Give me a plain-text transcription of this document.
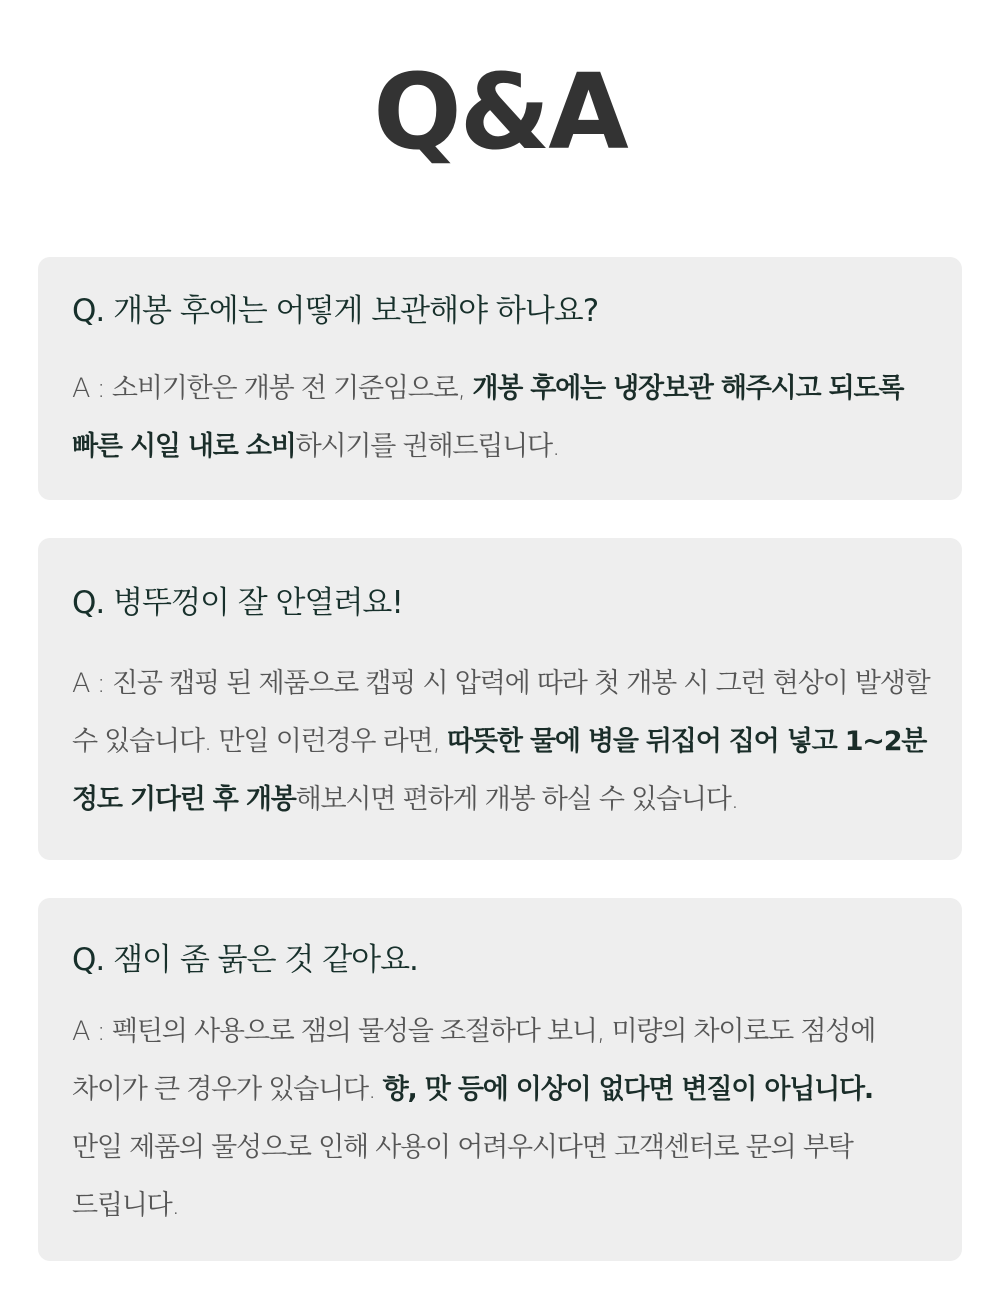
Q&A
Q. 개봉 후에는 어떻게 보관해야 하나요?
A : 소비기한은 개봉 전 기준임으로, 개봉 후에는 냉장보관 해주시고 되도록
빠른 시일 내로 소비하시기를 권해드립니다.
Q. 병뚜껑이 잘 안열려요!
A : 진공 캡핑 된 제품으로 캡핑 시 압력에 따라 첫 개봉 시 그런 현상이 발생할
수 있습니다. 만일 이런경우 라면, 따뜻한 물에 병을 뒤집어 집어 넣고 1~2분
정도 기다린 후 개봉해보시면 편하게 개봉 하실 수 있습니다.
Q. 잼이 좀 묽은 것 같아요.
A : 펙틴의 사용으로 잼의 물성을 조절하다 보니, 미량의 차이로도 점성에
차이가 큰 경우가 있습니다. 향, 맛 등에 이상이 없다면 변질이 아닙니다.
만일 제품의 물성으로 인해 사용이 어려우시다면 고객센터로 문의 부탁
드립니다.
